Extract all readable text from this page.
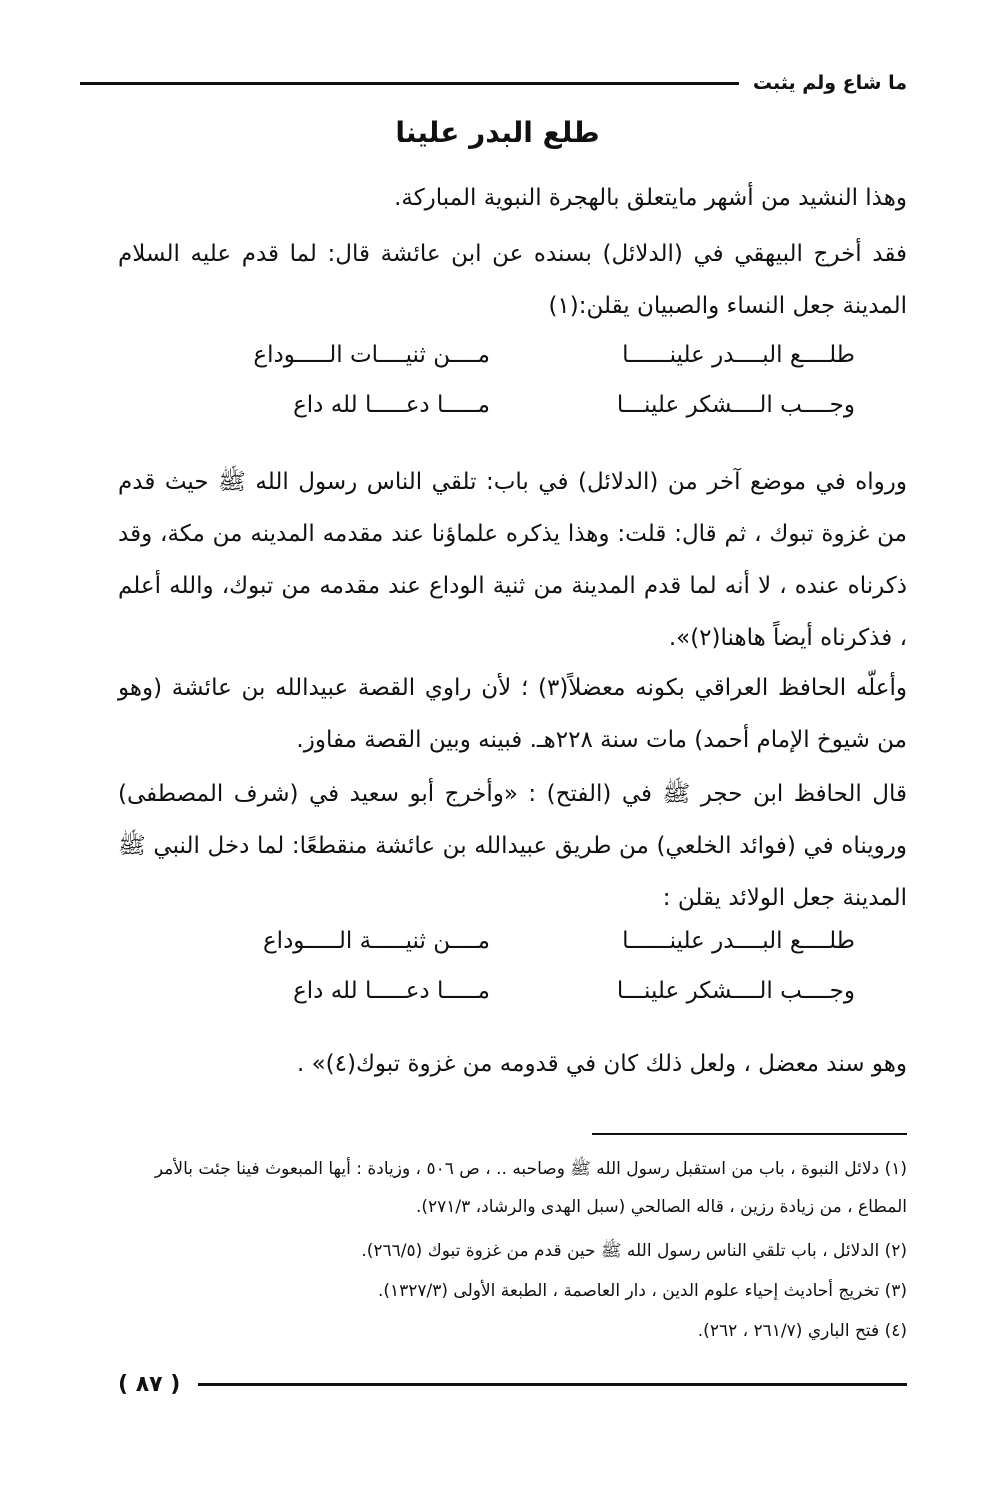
ما شاع ولم يثبت
طلع البدر علينا
وهذا النشيد من أشهر مايتعلق بالهجرة النبوية المباركة.
فقد أخرج البيهقي في (الدلائل) بسنده عن ابن عائشة قال: لما قدم عليه السلام المدينة جعل النساء والصبيان يقلن:(١)
طلــــع البــــدر علينــــــا
مــــن ثنيــــات الـــــوداع
وجــــب الــــشكر علينـــا
مـــــا دعـــــا لله داع
ورواه في موضع آخر من (الدلائل) في باب: تلقي الناس رسول الله ﷺ حيث قدم من غزوة تبوك ، ثم قال: قلت: وهذا يذكره علماؤنا عند مقدمه المدينه من مكة، وقد ذكرناه عنده ، لا أنه لما قدم المدينة من ثنية الوداع عند مقدمه من تبوك، والله أعلم ، فذكرناه أيضاً هاهنا(٢)».
وأعلّه الحافظ العراقي بكونه معضلاً(٣) ؛ لأن راوي القصة عبيدالله بن عائشة (وهو من شيوخ الإمام أحمد) مات سنة ٢٢٨هـ. فبينه وبين القصة مفاوز.
قال الحافظ ابن حجر ﷺ في (الفتح) : «وأخرج أبو سعيد في (شرف المصطفى) ورويناه في (فوائد الخلعي) من طريق عبيدالله بن عائشة منقطعًا: لما دخل النبي ﷺ المدينة جعل الولائد يقلن :
طلــــع البــــدر علينــــــا
مــــن ثنيـــــة الـــــوداع
وجــــب الــــشكر علينـــا
مـــــا دعـــــا لله داع
وهو سند معضل ، ولعل ذلك كان في قدومه من غزوة تبوك(٤)» .
(١) دلائل النبوة ، باب من استقبل رسول الله ﷺ وصاحبه .. ، ص ٥٠٦ ، وزيادة : أيها المبعوث فينا جئت بالأمر المطاع ، من زيادة رزين ، قاله الصالحي (سبل الهدى والرشاد، ٢٧١/٣).
(٢) الدلائل ، باب تلقي الناس رسول الله ﷺ حين قدم من غزوة تبوك (٢٦٦/٥).
(٣) تخريج أحاديث إحياء علوم الدين ، دار العاصمة ، الطبعة الأولى (١٣٢٧/٣).
(٤) فتح الباري (٢٦١/٧ ، ٢٦٢).
( ٨٧ )
